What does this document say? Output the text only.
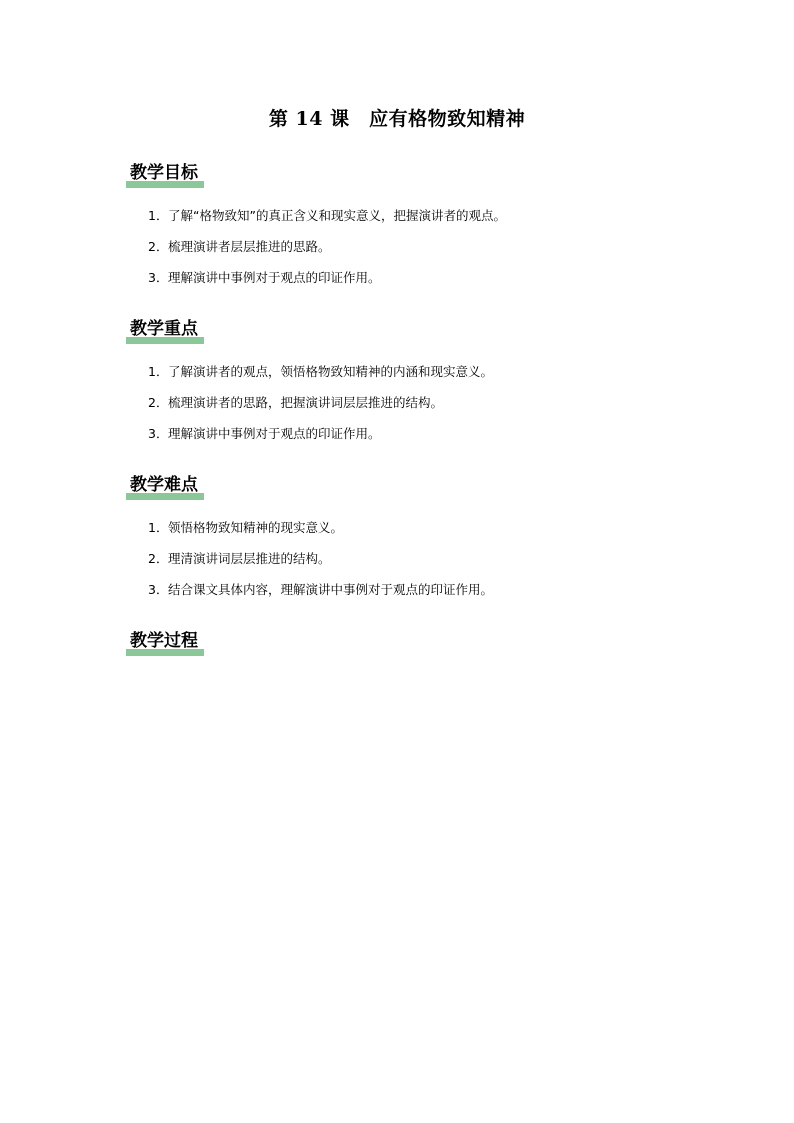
第 14 课　应有格物致知精神
教学目标
1．了解“格物致知”的真正含义和现实意义，把握演讲者的观点。
2．梳理演讲者层层推进的思路。
3．理解演讲中事例对于观点的印证作用。
教学重点
1．了解演讲者的观点，领悟格物致知精神的内涵和现实意义。
2．梳理演讲者的思路，把握演讲词层层推进的结构。
3．理解演讲中事例对于观点的印证作用。
教学难点
1．领悟格物致知精神的现实意义。
2．理清演讲词层层推进的结构。
3．结合课文具体内容，理解演讲中事例对于观点的印证作用。
教学过程
